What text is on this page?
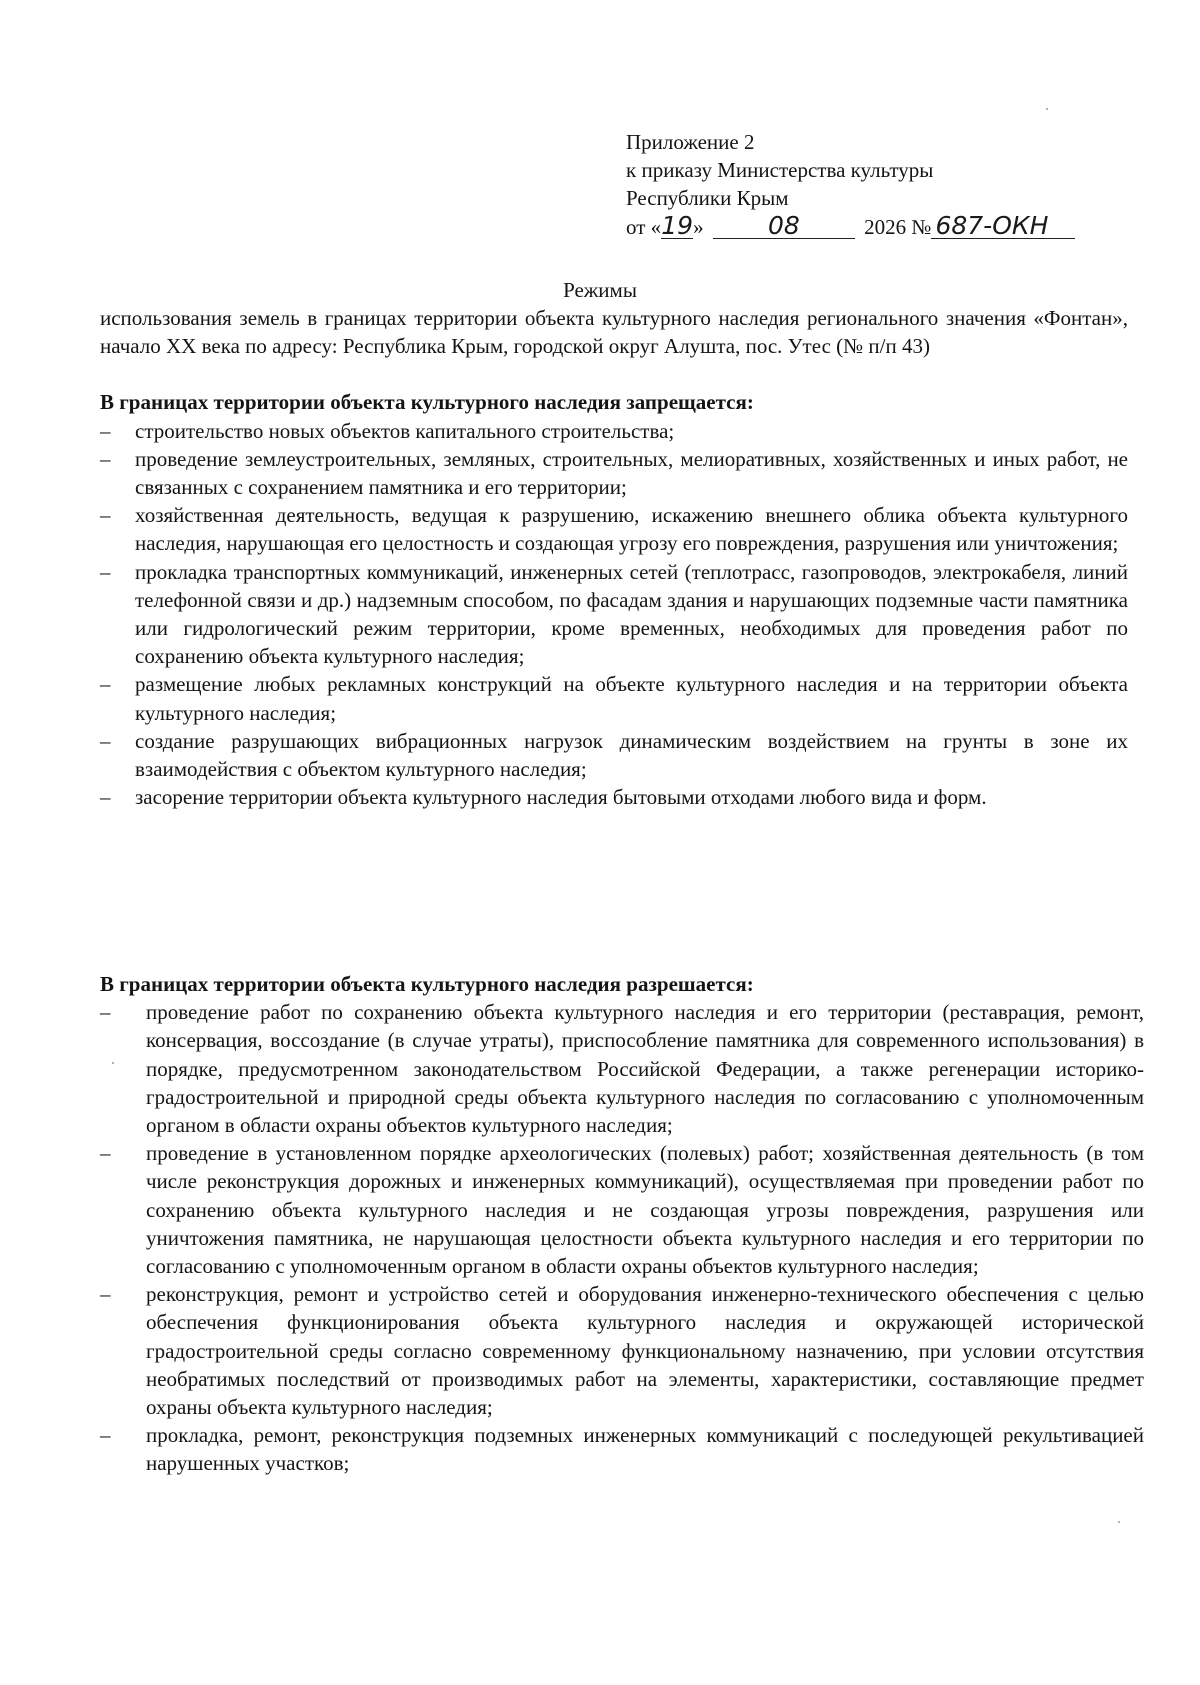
Приложение 2
к приказу Министерства культуры
Республики Крым
от «19»	08	2026 № 687-ОКН
Режимы

использования земель в границах территории объекта культурного наследия регионального значения «Фонтан», начало XX века по адресу: Республика Крым, городской округ Алушта, пос. Утес (№ п/п 43)

В границах территории объекта культурного наследия запрещается:

– строительство новых объектов капитального строительства;

– проведение землеустроительных, земляных, строительных, мелиоративных, хозяйственных и иных работ, не связанных с сохранением памятника и его территории;

– хозяйственная деятельность, ведущая к разрушению, искажению внешнего облика объекта культурного наследия, нарушающая его целостность и создающая угрозу его повреждения, разрушения или уничтожения;

– прокладка транспортных коммуникаций, инженерных сетей (теплотрасс, газопроводов, электрокабеля, линий телефонной связи и др.) надземным способом, по фасадам здания и нарушающих подземные части памятника или гидрологический режим территории, кроме временных, необходимых для проведения работ по сохранению объекта культурного наследия;

– размещение любых рекламных конструкций на объекте культурного наследия и на территории объекта культурного наследия;

– создание разрушающих вибрационных нагрузок динамическим воздействием на грунты в зоне их взаимодействия с объектом культурного наследия;

– засорение территории объекта культурного наследия бытовыми отходами любого вида и форм.

В границах территории объекта культурного наследия разрешается:

– проведение работ по сохранению объекта культурного наследия и его территории (реставрация, ремонт, консервация, воссоздание (в случае утраты), приспособление памятника для современного использования) в порядке, предусмотренном законодательством Российской Федерации, а также регенерации историко-градостроительной и природной среды объекта культурного наследия по согласованию с уполномоченным органом в области охраны объектов культурного наследия;

– проведение в установленном порядке археологических (полевых) работ; хозяйственная деятельность (в том числе реконструкция дорожных и инженерных коммуникаций), осуществляемая при проведении работ по сохранению объекта культурного наследия и не создающая угрозы повреждения, разрушения или уничтожения памятника, не нарушающая целостности объекта культурного наследия и его территории по согласованию с уполномоченным органом в области охраны объектов культурного наследия;

– реконструкция, ремонт и устройство сетей и оборудования инженерно-технического обеспечения с целью обеспечения функционирования объекта культурного наследия и окружающей исторической градостроительной среды согласно современному функциональному назначению, при условии отсутствия необратимых последствий от производимых работ на элементы, характеристики, составляющие предмет охраны объекта культурного наследия;

– прокладка, ремонт, реконструкция подземных инженерных коммуникаций с последующей рекультивацией нарушенных участков;
